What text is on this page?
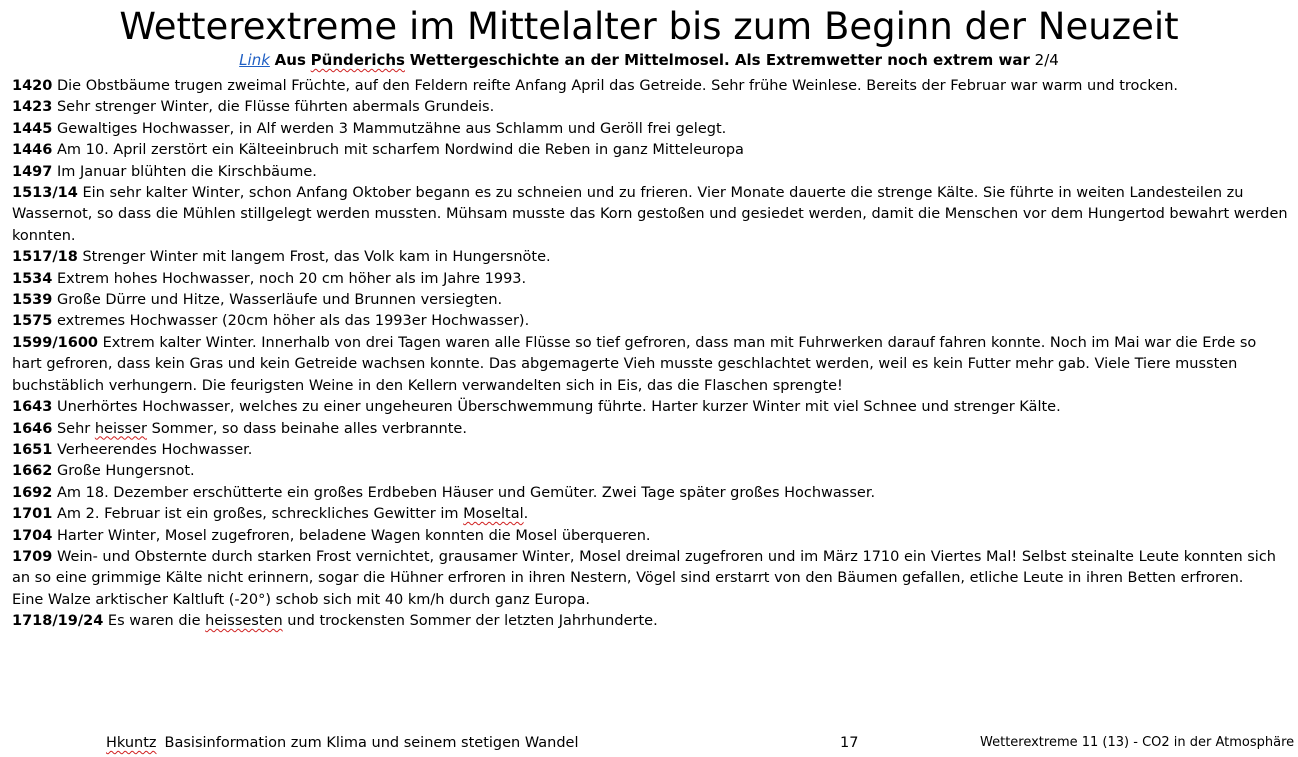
Wetterextreme im Mittelalter bis zum Beginn der Neuzeit
Link Aus Pünderichs Wettergeschichte an der Mittelmosel. Als Extremwetter noch extrem war 2/4

1420 Die Obstbäume trugen zweimal Früchte, auf den Feldern reifte Anfang April das Getreide. Sehr frühe Weinlese. Bereits der Februar war warm und trocken.

1423 Sehr strenger Winter, die Flüsse führten abermals Grundeis.

1445 Gewaltiges Hochwasser, in Alf werden 3 Mammutzähne aus Schlamm und Geröll frei gelegt.

1446 Am 10. April zerstört ein Kälteeinbruch mit scharfem Nordwind die Reben in ganz Mitteleuropa

1497 Im Januar blühten die Kirschbäume.

1513/14 Ein sehr kalter Winter, schon Anfang Oktober begann es zu schneien und zu frieren. Vier Monate dauerte die strenge Kälte. Sie führte in weiten Landesteilen zu Wassernot, so dass die Mühlen stillgelegt werden mussten. Mühsam musste das Korn gestoßen und gesiedet werden, damit die Menschen vor dem Hungertod bewahrt werden konnten.

1517/18 Strenger Winter mit langem Frost, das Volk kam in Hungersnöte.

1534 Extrem hohes Hochwasser, noch 20 cm höher als im Jahre 1993.

1539 Große Dürre und Hitze, Wasserläufe und Brunnen versiegten.

1575 extremes Hochwasser (20cm höher als das 1993er Hochwasser).

1599/1600 Extrem kalter Winter. Innerhalb von drei Tagen waren alle Flüsse so tief gefroren, dass man mit Fuhrwerken darauf fahren konnte. Noch im Mai war die Erde so hart gefroren, dass kein Gras und kein Getreide wachsen konnte. Das abgemagerte Vieh musste geschlachtet werden, weil es kein Futter mehr gab. Viele Tiere mussten buchstäblich verhungern. Die feurigsten Weine in den Kellern verwandelten sich in Eis, das die Flaschen sprengte!

1643 Unerhörtes Hochwasser, welches zu einer ungeheuren Überschwemmung führte. Harter kurzer Winter mit viel Schnee und strenger Kälte.

1646 Sehr heisser Sommer, so dass beinahe alles verbrannte.

1651 Verheerendes Hochwasser.

1662 Große Hungersnot.

1692 Am 18. Dezember erschütterte ein großes Erdbeben Häuser und Gemüter. Zwei Tage später großes Hochwasser.

1701 Am 2. Februar ist ein großes, schreckliches Gewitter im Moseltal.

1704 Harter Winter, Mosel zugefroren, beladene Wagen konnten die Mosel überqueren.

1709 Wein- und Obsternte durch starken Frost vernichtet, grausamer Winter, Mosel dreimal zugefroren und im März 1710 ein Viertes Mal! Selbst steinalte Leute konnten sich an so eine grimmige Kälte nicht erinnern, sogar die Hühner erfroren in ihren Nestern, Vögel sind erstarrt von den Bäumen gefallen, etliche Leute in ihren Betten erfroren.

Eine Walze arktischer Kaltluft (-20°) schob sich mit 40 km/h durch ganz Europa.

1718/19/24 Es waren die heissesten und trockensten Sommer der letzten Jahrhunderte.

Hkuntz Basisinformation zum Klima und seinem stetigen Wandel	17	Wetterextreme 11 (13) - CO2 in der Atmosphäre
